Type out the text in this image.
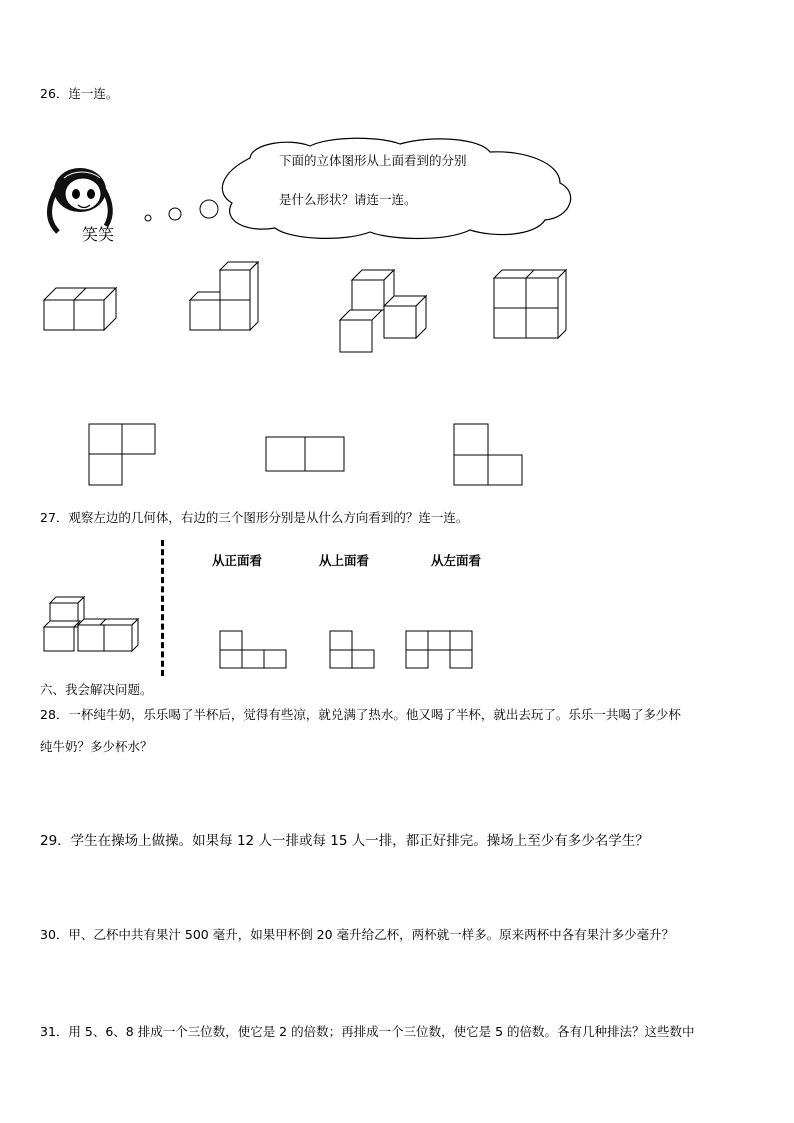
26．连一连。
笑笑
下面的立体图形从上面看到的分别
是什么形状？请连一连。
27．观察左边的几何体，右边的三个图形分别是从什么方向看到的？连一连。
从正面看	从上面看	从左面看
六、我会解决问题。
28．一杯纯牛奶，乐乐喝了半杯后，觉得有些凉，就兑满了热水。他又喝了半杯，就出去玩了。乐乐一共喝了多少杯
纯牛奶？多少杯水？
29．学生在操场上做操。如果每 12 人一排或每 15 人一排，都正好排完。操场上至少有多少名学生？
30．甲、乙杯中共有果汁 500 毫升，如果甲杯倒 20 毫升给乙杯，两杯就一样多。原来两杯中各有果汁多少毫升？
31．用 5、6、8 排成一个三位数，使它是 2 的倍数；再排成一个三位数，使它是 5 的倍数。各有几种排法？这些数中
